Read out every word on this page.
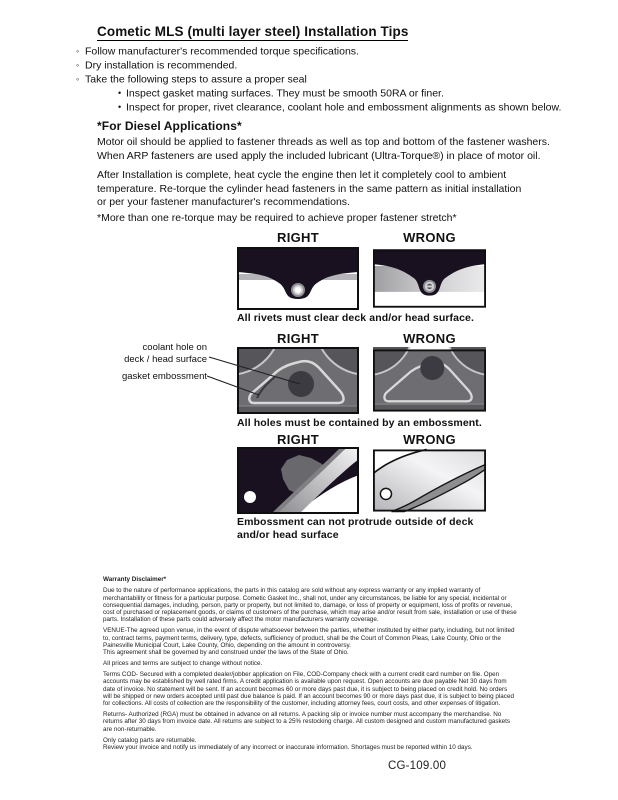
Cometic MLS (multi layer steel) Installation Tips
◦ Follow manufacturer's recommended torque specifications.
◦ Dry installation is recommended.
◦ Take the following steps to assure a proper seal
• Inspect gasket mating surfaces. They must be smooth 50RA or finer.
• Inspect for proper, rivet clearance, coolant hole and embossment alignments as shown below.
*For Diesel Applications*
Motor oil should be applied to fastener threads as well as top and bottom of the fastener washers.
When ARP fasteners are used apply the included lubricant (Ultra-Torque®) in place of motor oil.
After Installation is complete, heat cycle the engine then let it completely cool to ambient
temperature. Re-torque the cylinder head fasteners in the same pattern as initial installation
or per your fastener manufacturer's recommendations.
*More than one re-torque may be required to achieve proper fastener stretch*
RIGHT	WRONG
All rivets must clear deck and/or head surface.
RIGHT	WRONG
coolant hole on
deck / head surface
gasket embossment
All holes must be contained by an embossment.
RIGHT	WRONG
Embossment can not protrude outside of deck and/or head surface

Warranty Disclaimer*

Due to the nature of performance applications, the parts in this catalog are sold without any express warranty or any implied warranty of merchantability or fitness for a particular purpose. Cometic Gasket Inc., shall not, under any circumstances, be liable for any special, incidental or consequential damages, including, person, party or property, but not limited to, damage, or loss of property or equipment, loss of profits or revenue, cost of purchased or replacement goods, or claims of customers of the purchase, which may arise and/or result from sale, installation or use of these parts. Installation of these parts could adversely affect the motor manufacturers warranty coverage.

VENUE-The agreed upon venue, in the event of dispute whatsoever between the parties, whether instituted by either party, including, but not limited to, contract terms, payment terms, delivery, type, defects, sufficiency of product, shall be the Court of Common Pleas, Lake County, Ohio or the Painesville Municipal Court, Lake County, Ohio, depending on the amount in controversy.

This agreement shall be governed by and construed under the laws of the State of Ohio.

All prices and terms are subject to change without notice.

Terms COD- Secured with a completed dealer/jobber application on File, COD-Company check with a current credit card number on file. Open accounts may be established by well rated firms. A credit application is available upon request. Open accounts are due payable Net 30 days from date of invoice. No statement will be sent. If an account becomes 60 or more days past due, it is subject to being placed on credit hold. No orders will be shipped or new orders accepted until past due balance is paid. If an account becomes 90 or more days past due, it is subject to being placed for collections. All costs of collection are the responsibility of the customer, including attorney fees, court costs, and other expenses of litigation.

Returns- Authorized (RGA) must be obtained in advance on all returns. A packing slip or invoice number must accompany the merchandise. No returns after 30 days from invoice date. All returns are subject to a 25% restocking charge. All custom designed and custom manufactured gaskets are non-returnable.

Only catalog parts are returnable.

Review your invoice and notify us immediately of any incorrect or inaccurate information. Shortages must be reported within 10 days.

CG-109.00
